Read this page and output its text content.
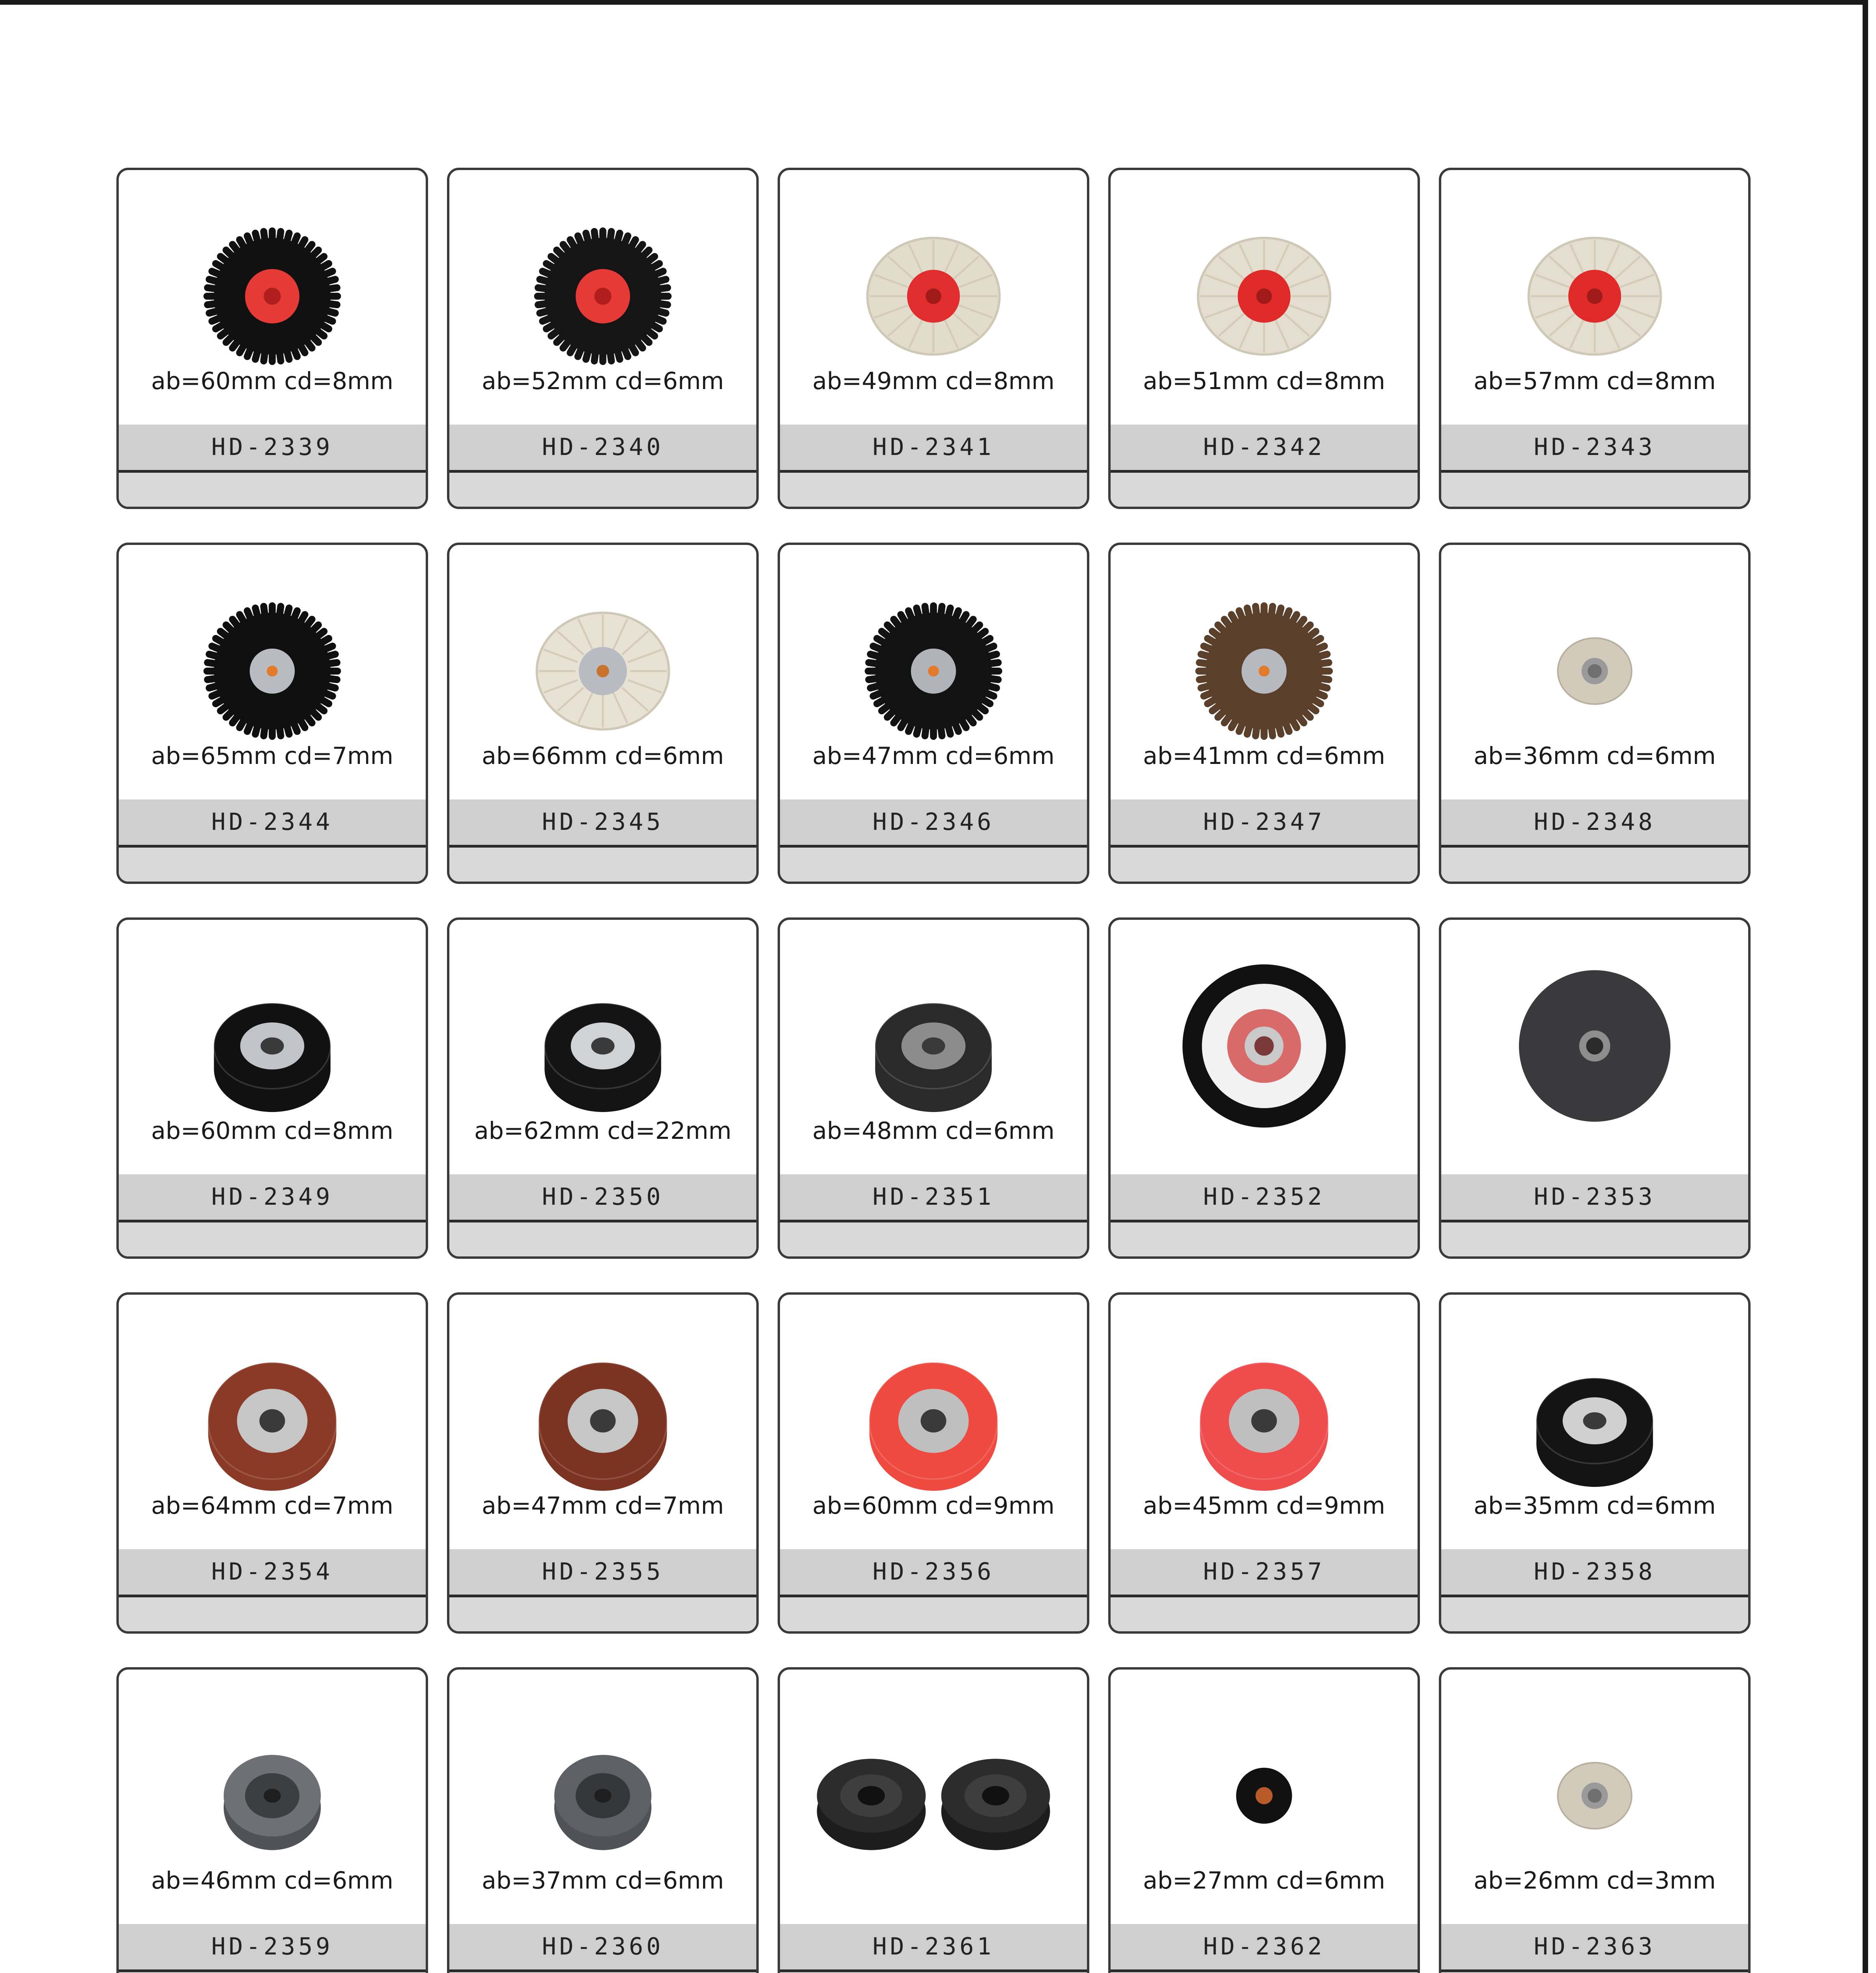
ab=60mm cd=8mm
HD-2339
ab=52mm cd=6mm
HD-2340
ab=49mm cd=8mm
HD-2341
ab=51mm cd=8mm
HD-2342
ab=57mm cd=8mm
HD-2343
ab=65mm cd=7mm
HD-2344
ab=66mm cd=6mm
HD-2345
ab=47mm cd=6mm
HD-2346
ab=41mm cd=6mm
HD-2347
ab=36mm cd=6mm
HD-2348
ab=60mm cd=8mm
HD-2349
ab=62mm cd=22mm
HD-2350
ab=48mm cd=6mm
HD-2351	HD-2352	HD-2353
ab=64mm cd=7mm
HD-2354
ab=47mm cd=7mm
HD-2355
ab=60mm cd=9mm
HD-2356
ab=45mm cd=9mm
HD-2357
ab=35mm cd=6mm
HD-2358
ab=46mm cd=6mm
HD-2359
ab=37mm cd=6mm
HD-2360	HD-2361
ab=27mm cd=6mm
HD-2362
ab=26mm cd=3mm
HD-2363
